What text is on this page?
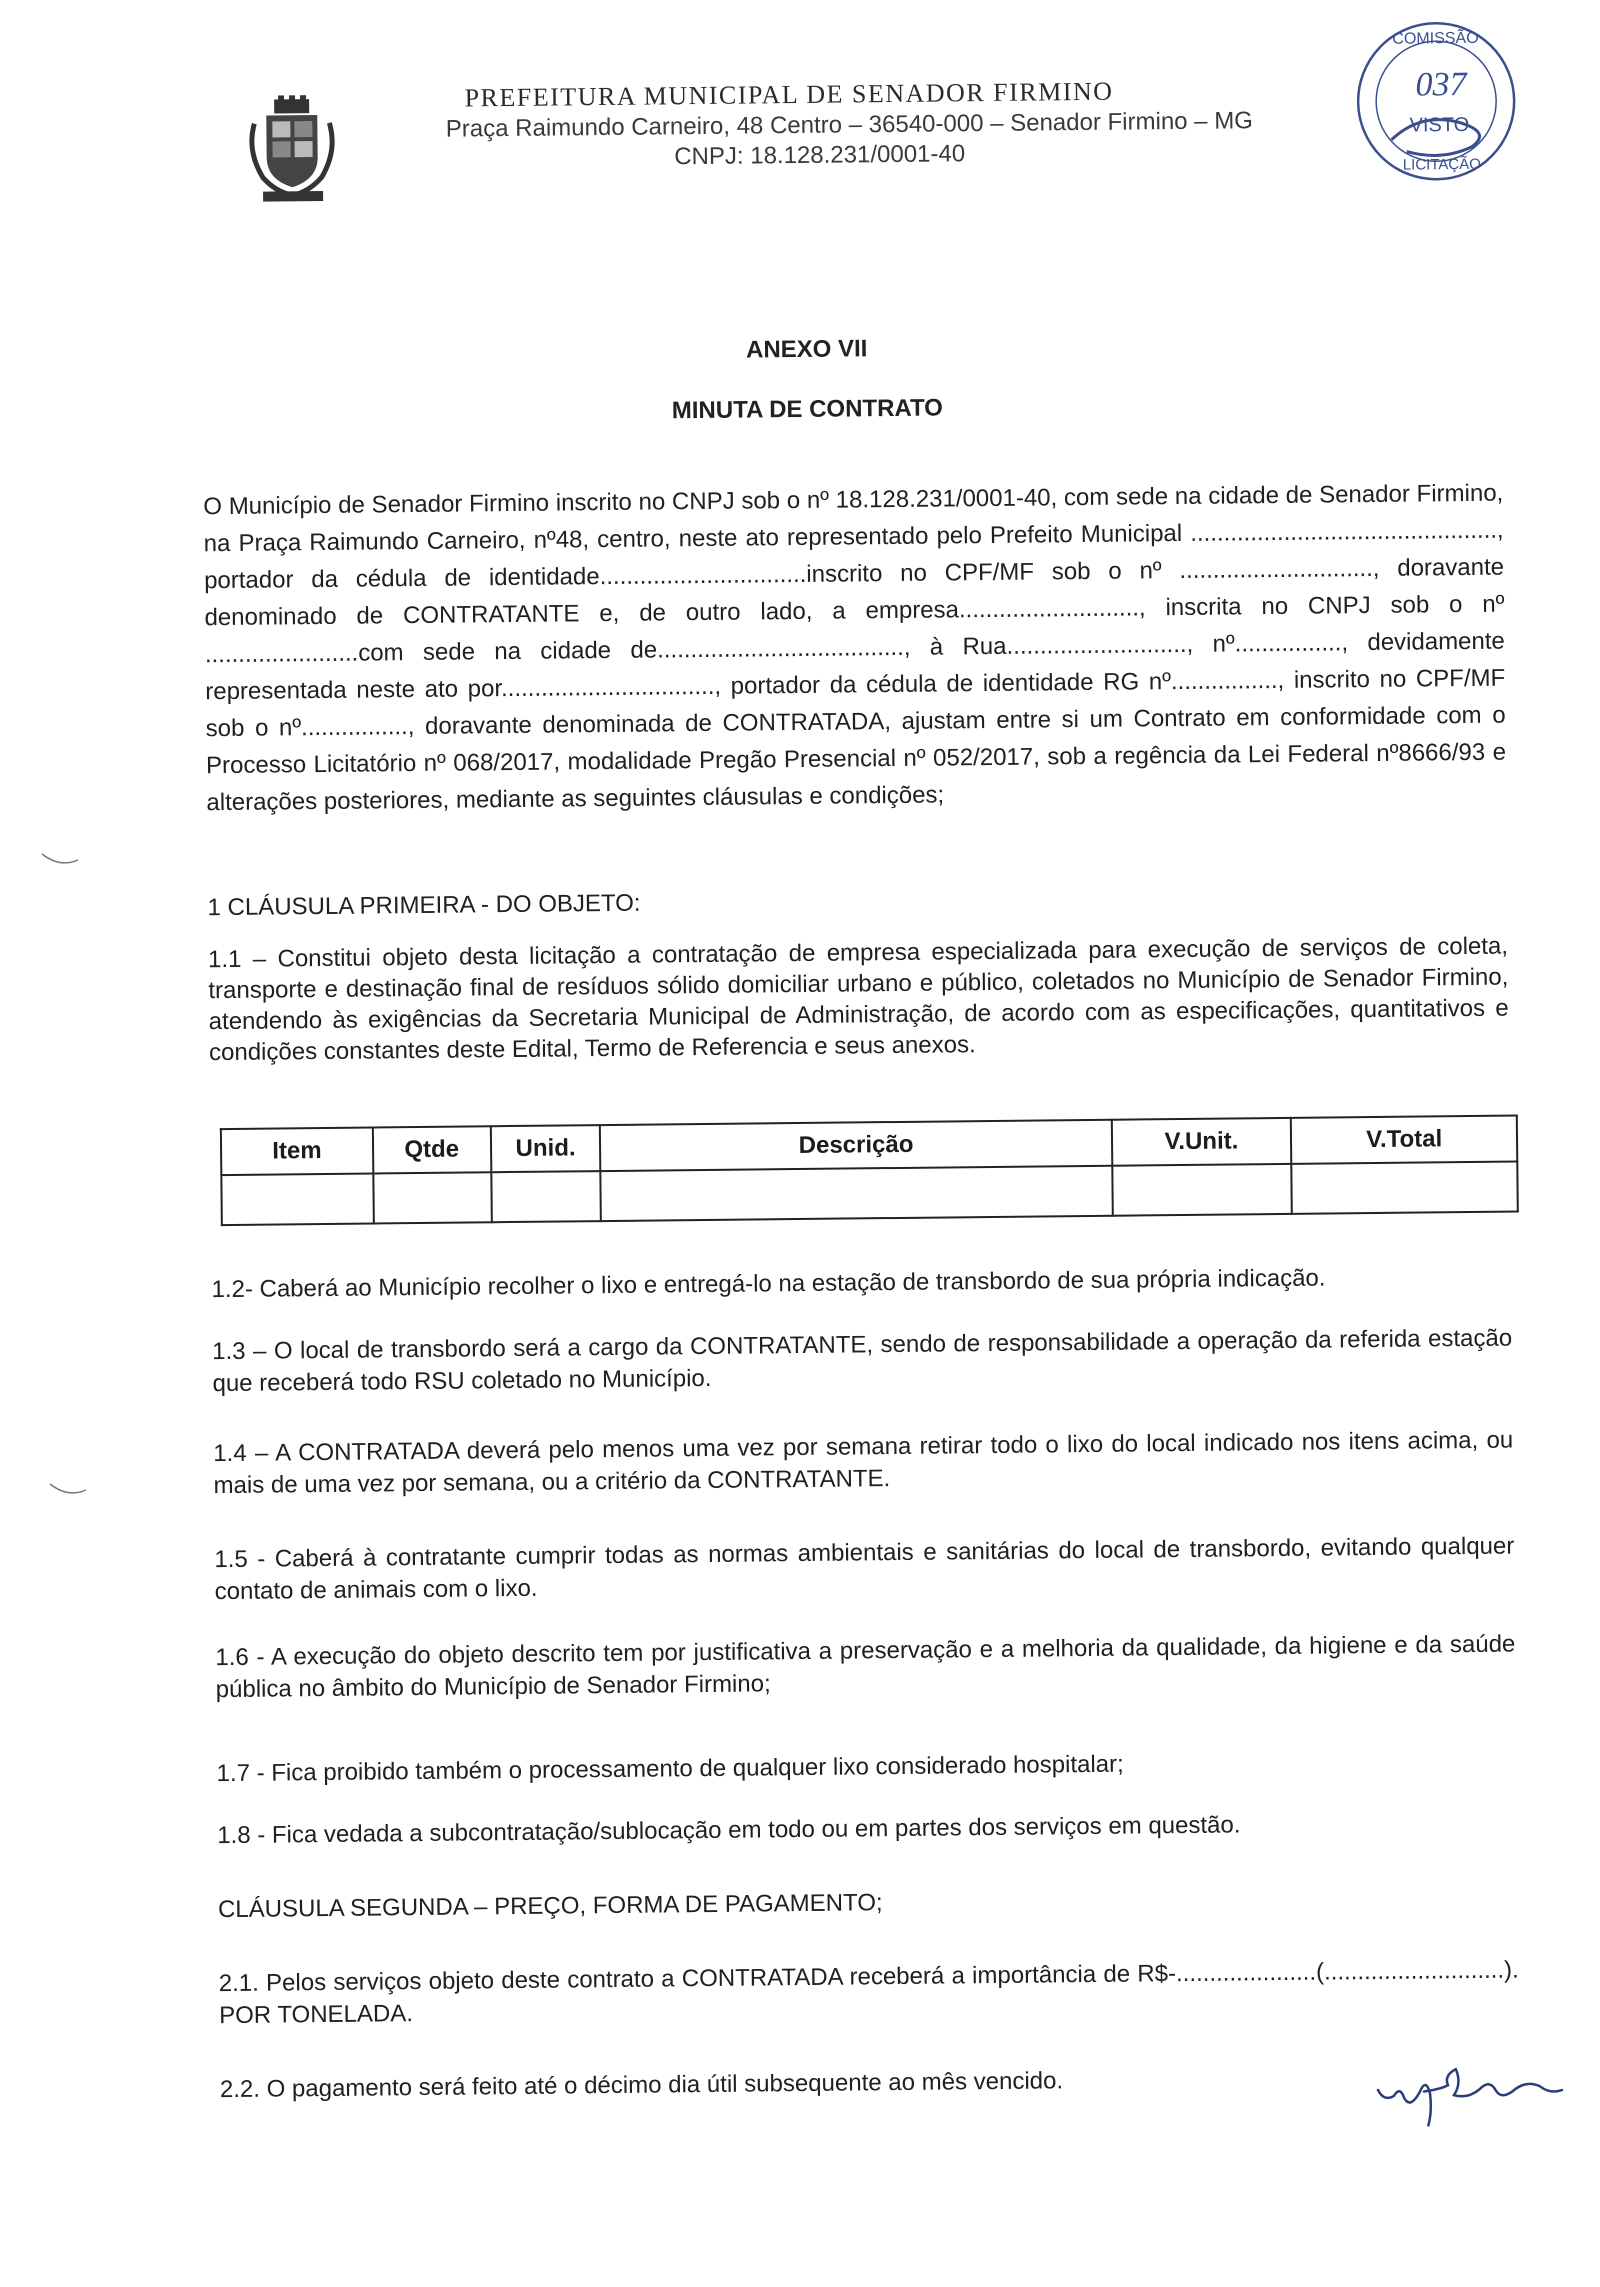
PREFEITURA MUNICIPAL DE SENADOR FIRMINO
Praça Raimundo Carneiro, 48 Centro – 36540-000 – Senador Firmino – MG
CNPJ: 18.128.231/0001-40
COMISSÃO
037
VISTO
LICITAÇÃO
ANEXO VII
MINUTA DE CONTRATO

O Município de Senador Firmino inscrito no CNPJ sob o nº 18.128.231/0001-40, com sede na cidade de Senador Firmino, na Praça Raimundo Carneiro, nº48, centro, neste ato representado pelo Prefeito Municipal .............................................., portador da cédula de identidade...............................inscrito no CPF/MF sob o nº ............................., doravante denominado de CONTRATANTE e, de outro lado, a empresa..........................., inscrita no CNPJ sob o nº .......................com sede na cidade de....................................., à Rua..........................., nº................, devidamente representada neste ato por................................, portador da cédula de identidade RG nº................, inscrito no CPF/MF sob o nº................, doravante denominada de CONTRATADA, ajustam entre si um Contrato em conformidade com o Processo Licitatório nº 068/2017, modalidade Pregão Presencial nº 052/2017, sob a regência da Lei Federal nº8666/93 e alterações posteriores, mediante as seguintes cláusulas e condições;

1 CLÁUSULA PRIMEIRA - DO OBJETO:

1.1 – Constitui objeto desta licitação a contratação de empresa especializada para execução de serviços de coleta, transporte e destinação final de resíduos sólido domiciliar urbano e público, coletados no Município de Senador Firmino, atendendo às exigências da Secretaria Municipal de Administração, de acordo com as especificações, quantitativos e condições constantes deste Edital, Termo de Referencia e seus anexos.

Item	Qtde	Unid.	Descrição	V.Unit.	V.Total

1.2- Caberá ao Município recolher o lixo e entregá-lo na estação de transbordo de sua própria indicação.

1.3 – O local de transbordo será a cargo da CONTRATANTE, sendo de responsabilidade a operação da referida estação que receberá todo RSU coletado no Município.

1.4 – A CONTRATADA deverá pelo menos uma vez por semana retirar todo o lixo do local indicado nos itens acima, ou mais de uma vez por semana, ou a critério da CONTRATANTE.

1.5 - Caberá à contratante cumprir todas as normas ambientais e sanitárias do local de transbordo, evitando qualquer contato de animais com o lixo.

1.6 - A execução do objeto descrito tem por justificativa a preservação e a melhoria da qualidade, da higiene e da saúde pública no âmbito do Município de Senador Firmino;

1.7 - Fica proibido também o processamento de qualquer lixo considerado hospitalar;

1.8 - Fica vedada a subcontratação/sublocação em todo ou em partes dos serviços em questão.

CLÁUSULA SEGUNDA – PREÇO, FORMA DE PAGAMENTO;

2.1. Pelos serviços objeto deste contrato a CONTRATADA receberá a importância de R$-.....................(...........................). POR TONELADA.

2.2. O pagamento será feito até o décimo dia útil subsequente ao mês vencido.
